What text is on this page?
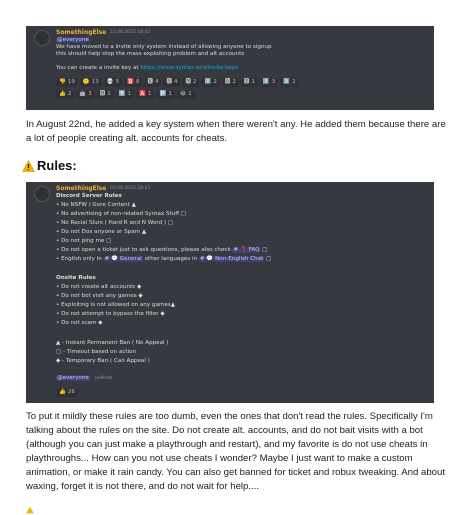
SomethingElse 22.08.2023 18:42
@everyone
We have moved to a invite only system instead of allowing anyone to signup
this should help stop the mass exploiting problem and alt accounts
You can create a invite key at https://www.syntax.eco/invite-keys
👎 19 🙂 13 💀 5 🅱️ 8 🅺 4 🆂 4 🅽 2 1️⃣ 2 🅶 2 🅴 1 3️⃣ 3 2️⃣ 2
👍 2 🤖 3 🅷 1 ⬆️ 1 🅰️ 1 🅿️ 1 😂 1

In August 22nd, he added a key system when there weren't any. He added them because there are a lot of people creating alt. accounts for cheats.

Rules:
SomethingElse 03.08.2023 18:23
Discord Server Rules
• No NSFW / Gore Content ▲
• No advertising of non-related Syntax Stuff ▢
• No Racial Slurs ( Hard R and N Word ) ▢
• Do not Dox anyone or Spam ▲
• Do not ping me ▢
• Do not open a ticket just to ask questions, please also check # ❓ FAQ ▢
• English only in # 💬 General other languages in # 💬 Non-English Chat ▢
Onsite Rules
• Do not create alt accounts ◆
• Do not bot visit any games ◆
• Exploiting is not allowed on any games▲
• Do not attempt to bypass the filter ◆
• Do not scam ◆
▲ - Instant Permanent Ban ( No Appeal )
▢ - Timeout based on action
◆ - Temporary Ban ( Can Appeal )
@everyone (edited)
👍 26

To put it mildly these rules are too dumb, even the ones that don't read the rules. Specifically I'm talking about the rules on the site. Do not create alt. accounts, and do not bait visits with a bot (although you can just make a playthrough and restart), and my favorite is do not use cheats in playthroughs... How can you not use cheats I wonder? Maybe I just want to make a custom animation, or make it rain candy. You can also get banned for ticket and robux tweaking. And about waxing, forget it is not there, and do not wait for help....
